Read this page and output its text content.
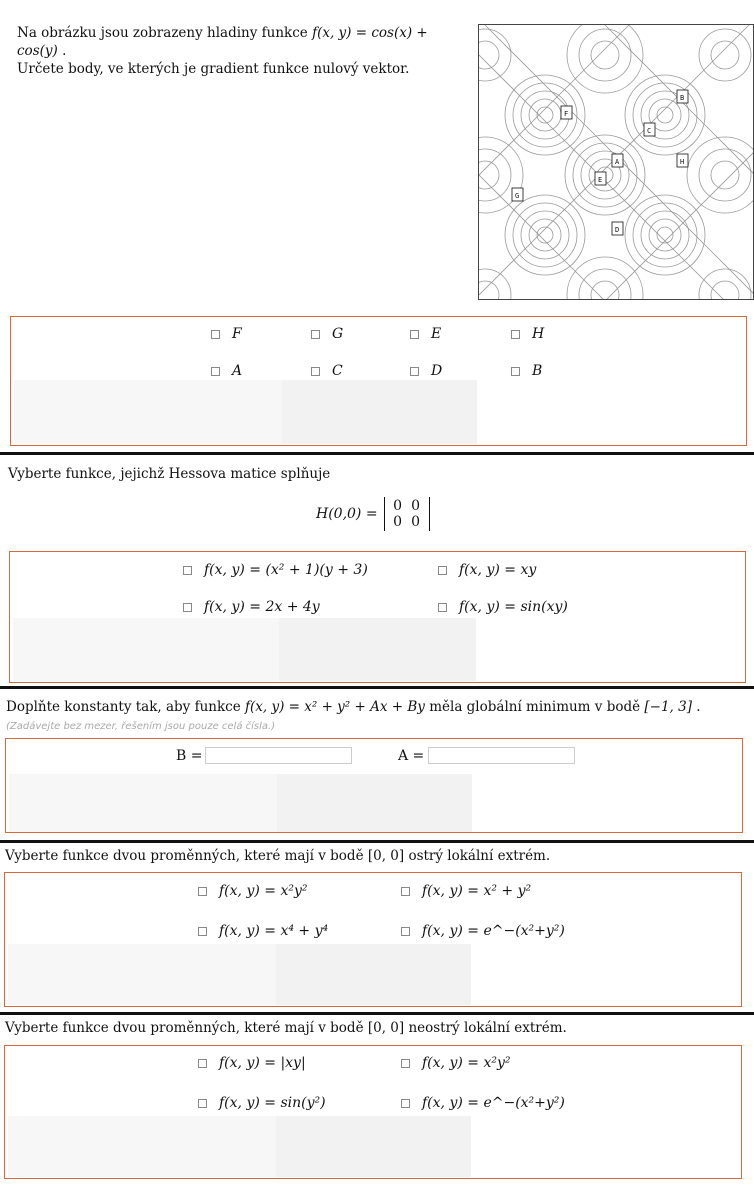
Na obrázku jsou zobrazeny hladiny funkce f(x, y) = cos(x) + cos(y) .
Určete body, ve kterých je gradient funkce nulový vektor.
B
F
C
A	H
E
G
D
F	G	E	H
A	C	D	B
Vyberte funkce, jejichž Hessova matice splňuje
H(0,0) =	0 0
0 0
f(x, y) = (x² + 1)(y + 3)	f(x, y) = xy
f(x, y) = 2x + 4y	f(x, y) = sin(xy)
Doplňte konstanty tak, aby funkce f(x, y) = x² + y² + Ax + By měla globální minimum v bodě [−1, 3] . (Zadávejte bez mezer, řešením jsou pouze celá čísla.)
B =	A =
Vyberte funkce dvou proměnných, které mají v bodě [0, 0] ostrý lokální extrém.
f(x, y) = x²y²	f(x, y) = x² + y²
f(x, y) = x⁴ + y⁴	f(x, y) = e^−(x²+y²)
Vyberte funkce dvou proměnných, které mají v bodě [0, 0] neostrý lokální extrém.
f(x, y) = |xy|	f(x, y) = x²y²
f(x, y) = sin(y²)	f(x, y) = e^−(x²+y²)
